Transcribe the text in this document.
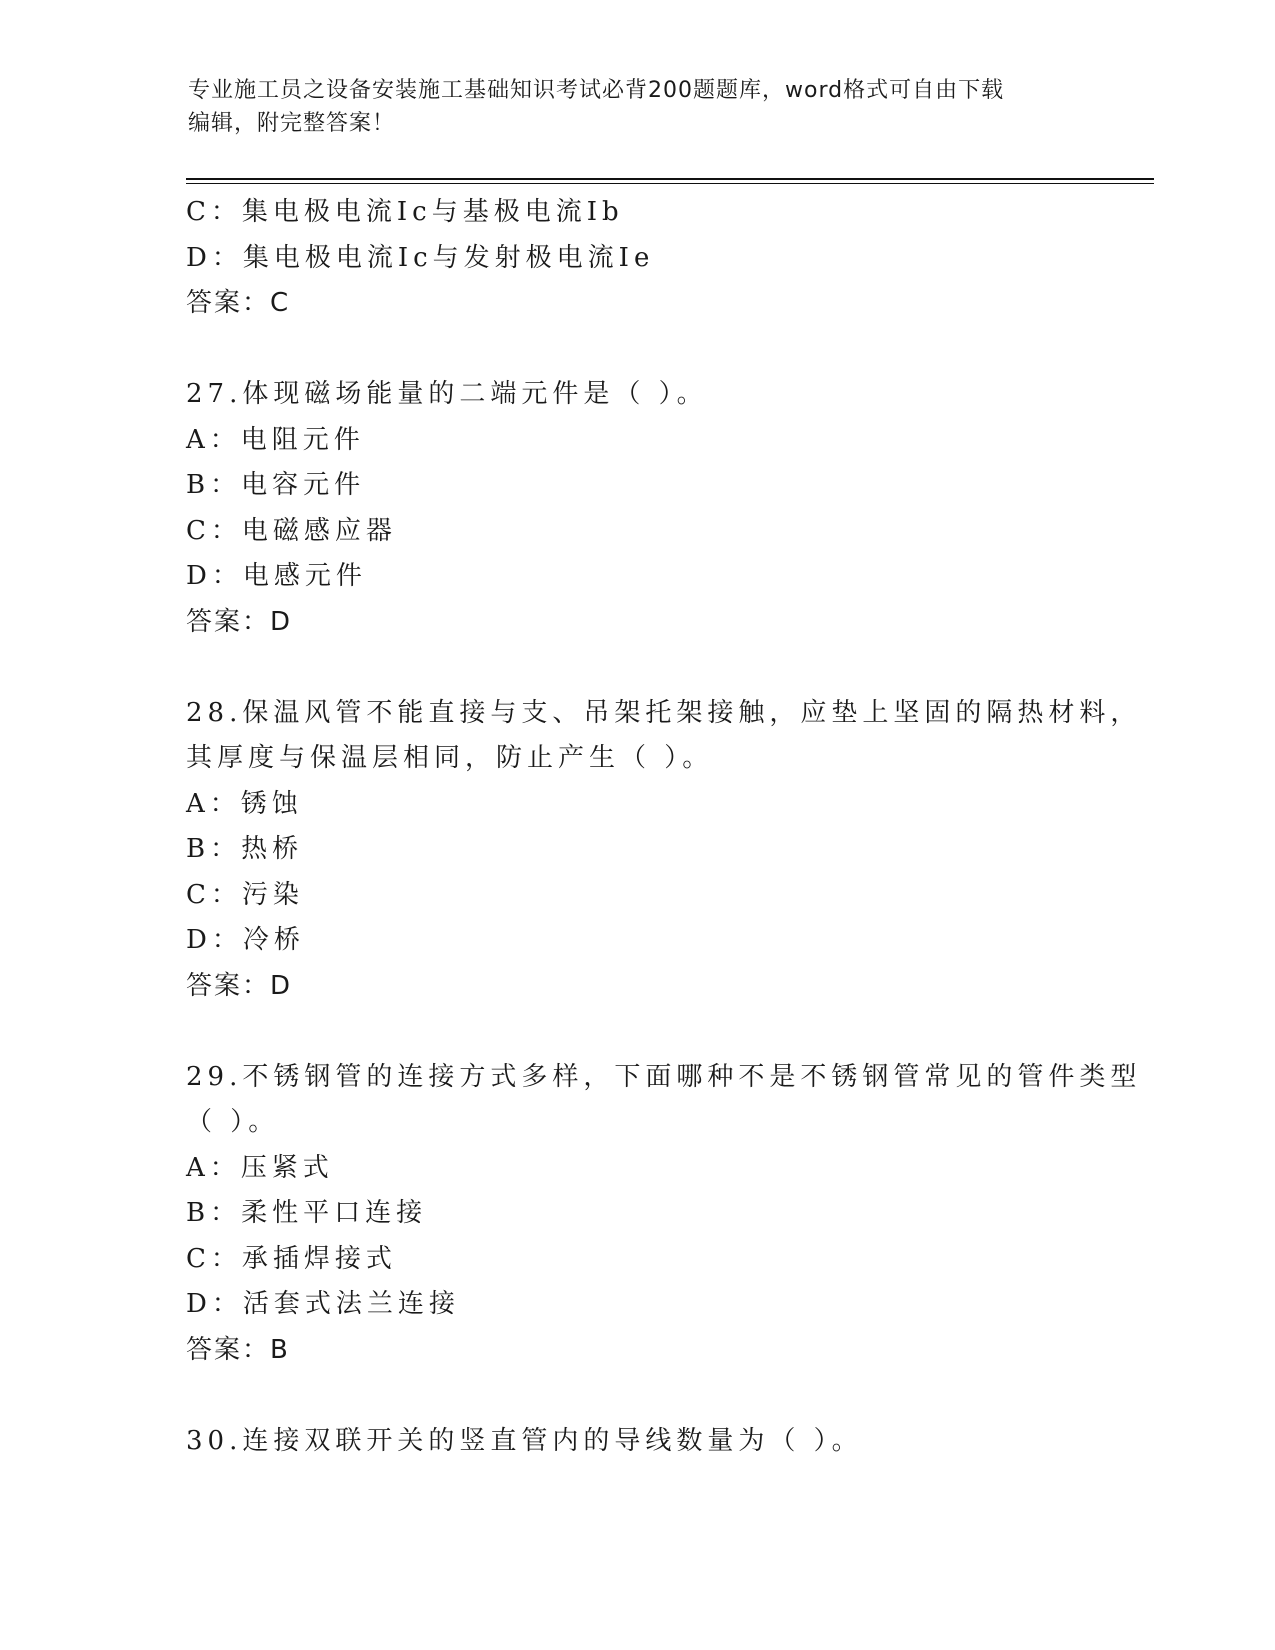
专业施工员之设备安装施工基础知识考试必背200题题库，word格式可自由下载
编辑，附完整答案！
C：集电极电流Ic与基极电流Ib
D：集电极电流Ic与发射极电流Ie
答案：C
27.体现磁场能量的二端元件是（ ）。
A：电阻元件
B：电容元件
C：电磁感应器
D：电感元件
答案：D
28.保温风管不能直接与支、吊架托架接触，应垫上坚固的隔热材料，
其厚度与保温层相同，防止产生（ ）。
A：锈蚀
B：热桥
C：污染
D：冷桥
答案：D
29.不锈钢管的连接方式多样，下面哪种不是不锈钢管常见的管件类型
（ ）。
A：压紧式
B：柔性平口连接
C：承插焊接式
D：活套式法兰连接
答案：B
30.连接双联开关的竖直管内的导线数量为（ ）。
